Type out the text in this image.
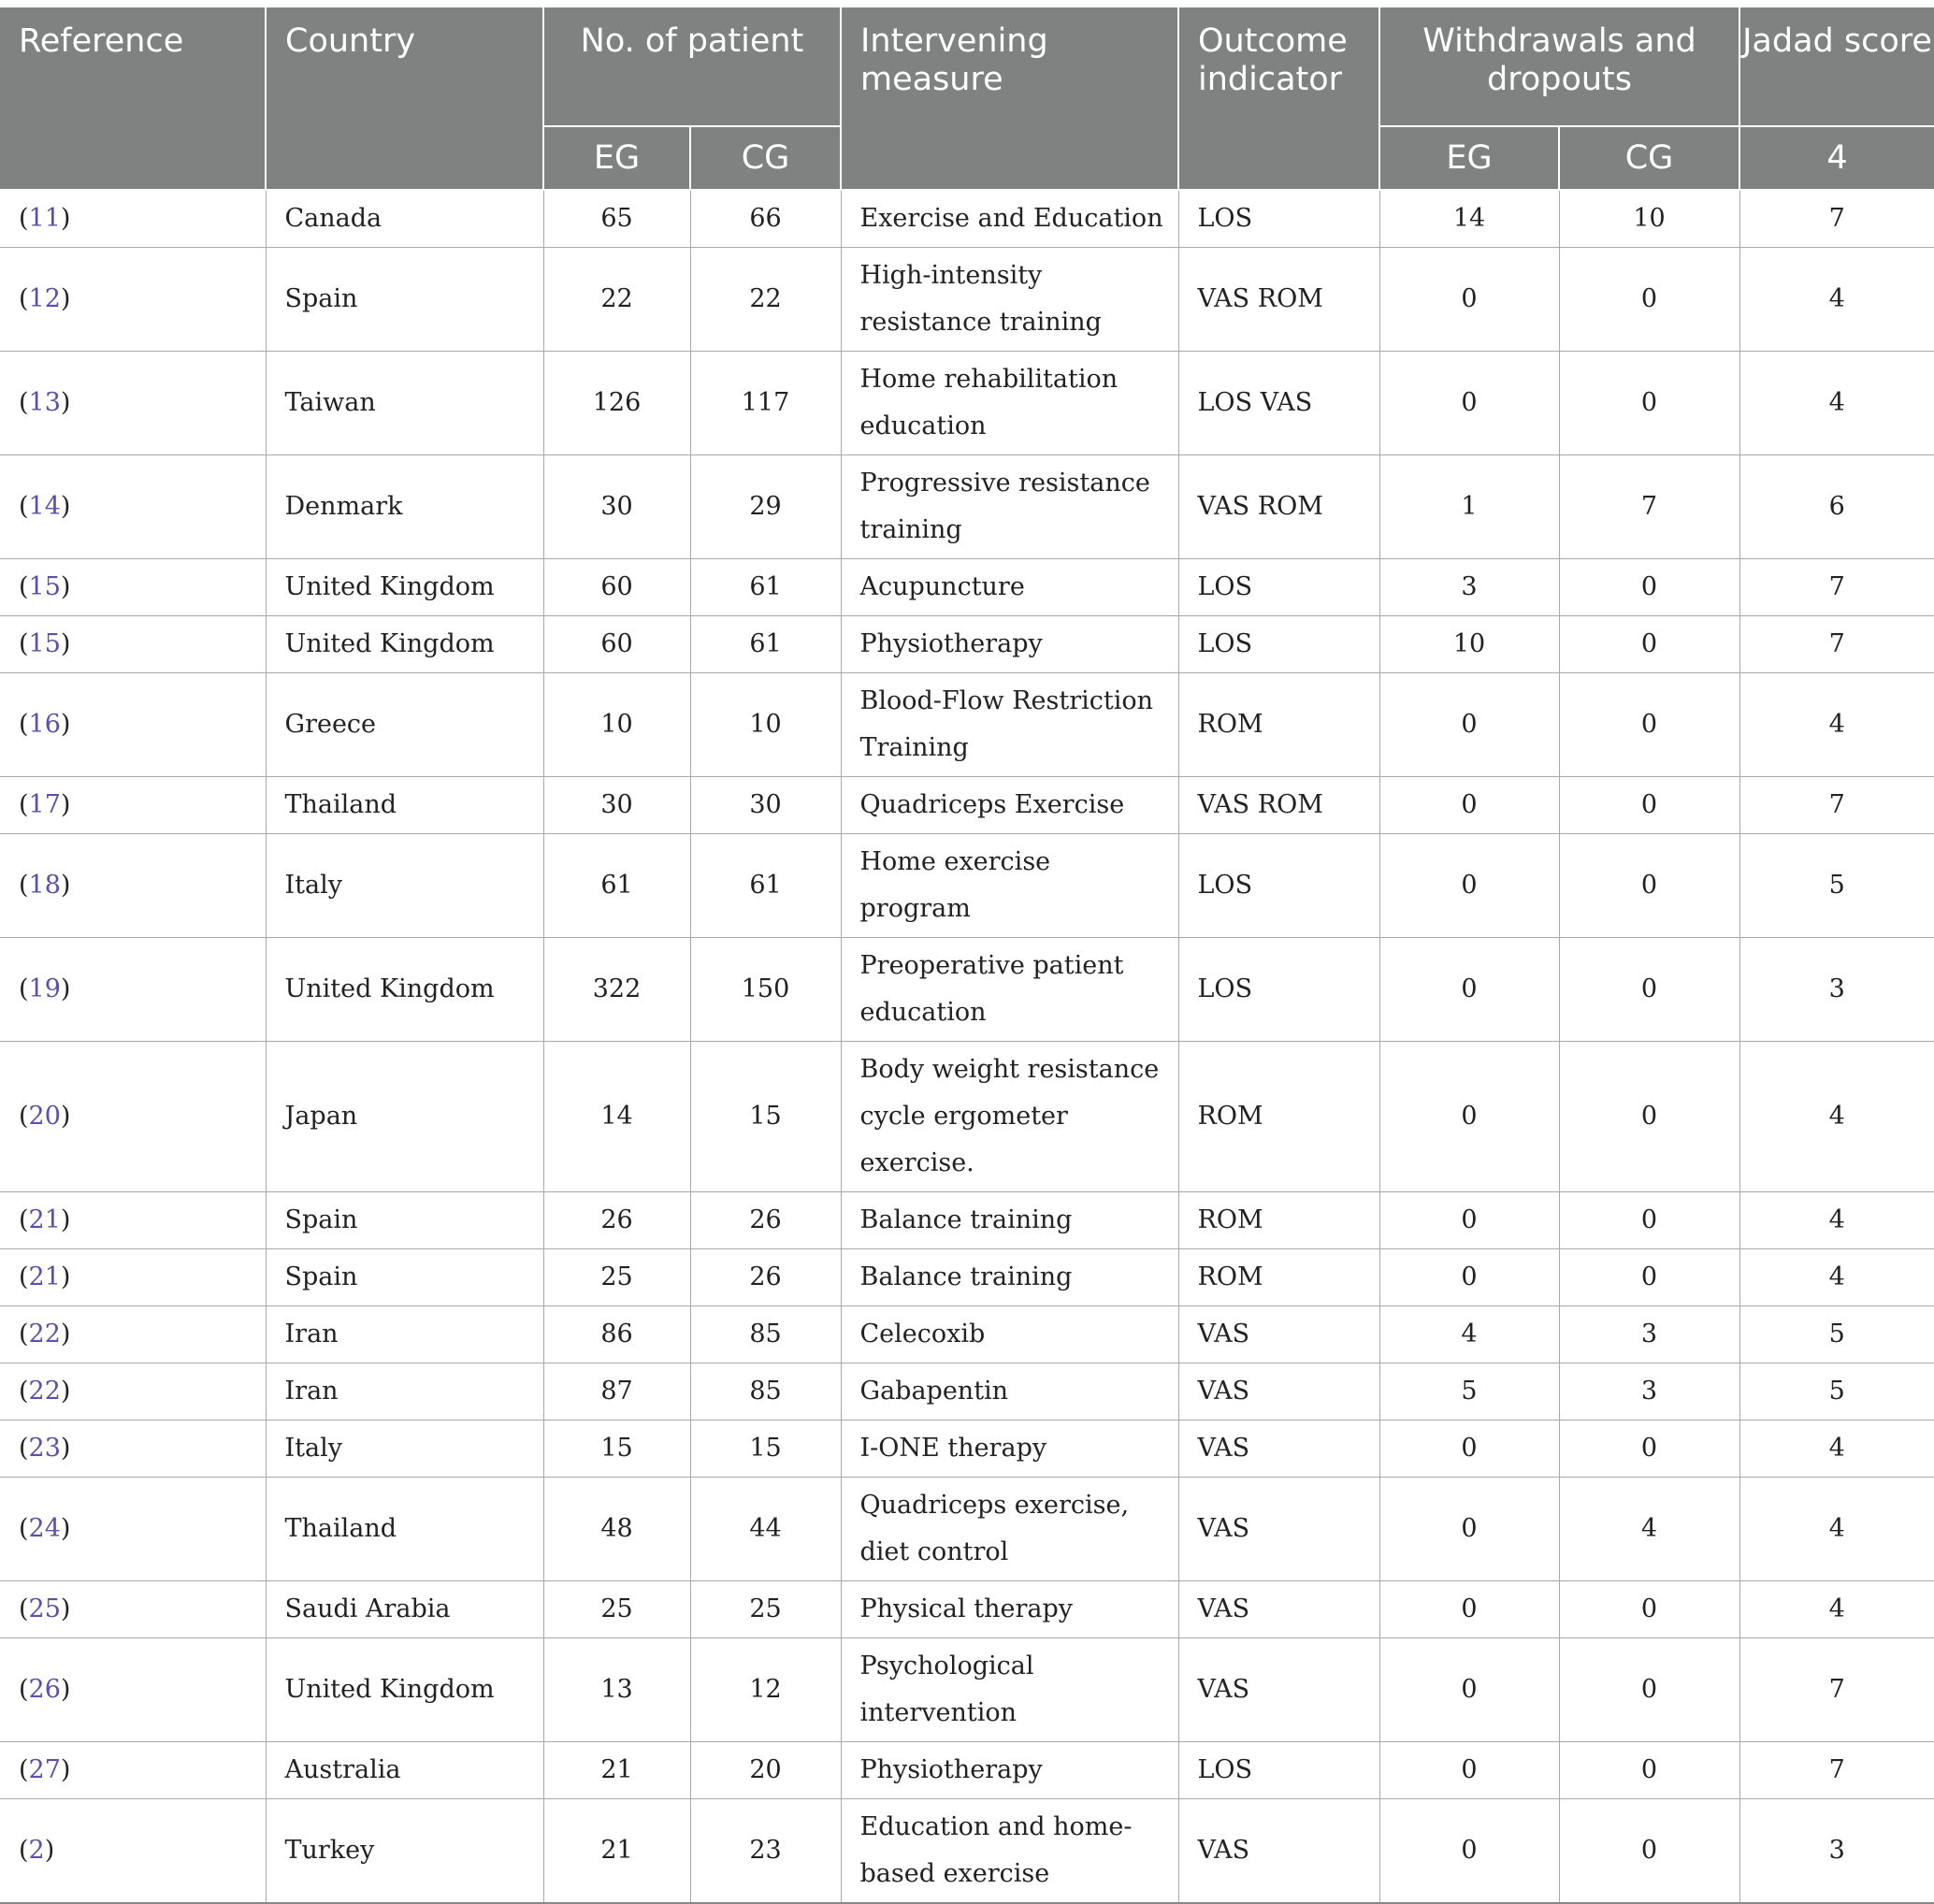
Reference	Country	No. of patient		Intervening measure	Outcome indicator	Withdrawals and dropouts		Jadad score
		EG	CG			EG	CG	4
(11)	Canada	65	66	Exercise and Education	LOS	14	10	7
(12)	Spain	22	22	High-intensity resistance training	VAS ROM	0	0	4
(13)	Taiwan	126	117	Home rehabilitation education	LOS VAS	0	0	4
(14)	Denmark	30	29	Progressive resistance training	VAS ROM	1	7	6
(15)	United Kingdom	60	61	Acupuncture	LOS	3	0	7
(15)	United Kingdom	60	61	Physiotherapy	LOS	10	0	7
(16)	Greece	10	10	Blood-Flow Restriction Training	ROM	0	0	4
(17)	Thailand	30	30	Quadriceps Exercise	VAS ROM	0	0	7
(18)	Italy	61	61	Home exercise program	LOS	0	0	5
(19)	United Kingdom	322	150	Preoperative patient education	LOS	0	0	3
(20)	Japan	14	15	Body weight resistance cycle ergometer exercise.	ROM	0	0	4
(21)	Spain	26	26	Balance training	ROM	0	0	4
(21)	Spain	25	26	Balance training	ROM	0	0	4
(22)	Iran	86	85	Celecoxib	VAS	4	3	5
(22)	Iran	87	85	Gabapentin	VAS	5	3	5
(23)	Italy	15	15	I-ONE therapy	VAS	0	0	4
(24)	Thailand	48	44	Quadriceps exercise, diet control	VAS	0	4	4
(25)	Saudi Arabia	25	25	Physical therapy	VAS	0	0	4
(26)	United Kingdom	13	12	Psychological intervention	VAS	0	0	7
(27)	Australia	21	20	Physiotherapy	LOS	0	0	7
(2)	Turkey	21	23	Education and home-based exercise	VAS	0	0	3
